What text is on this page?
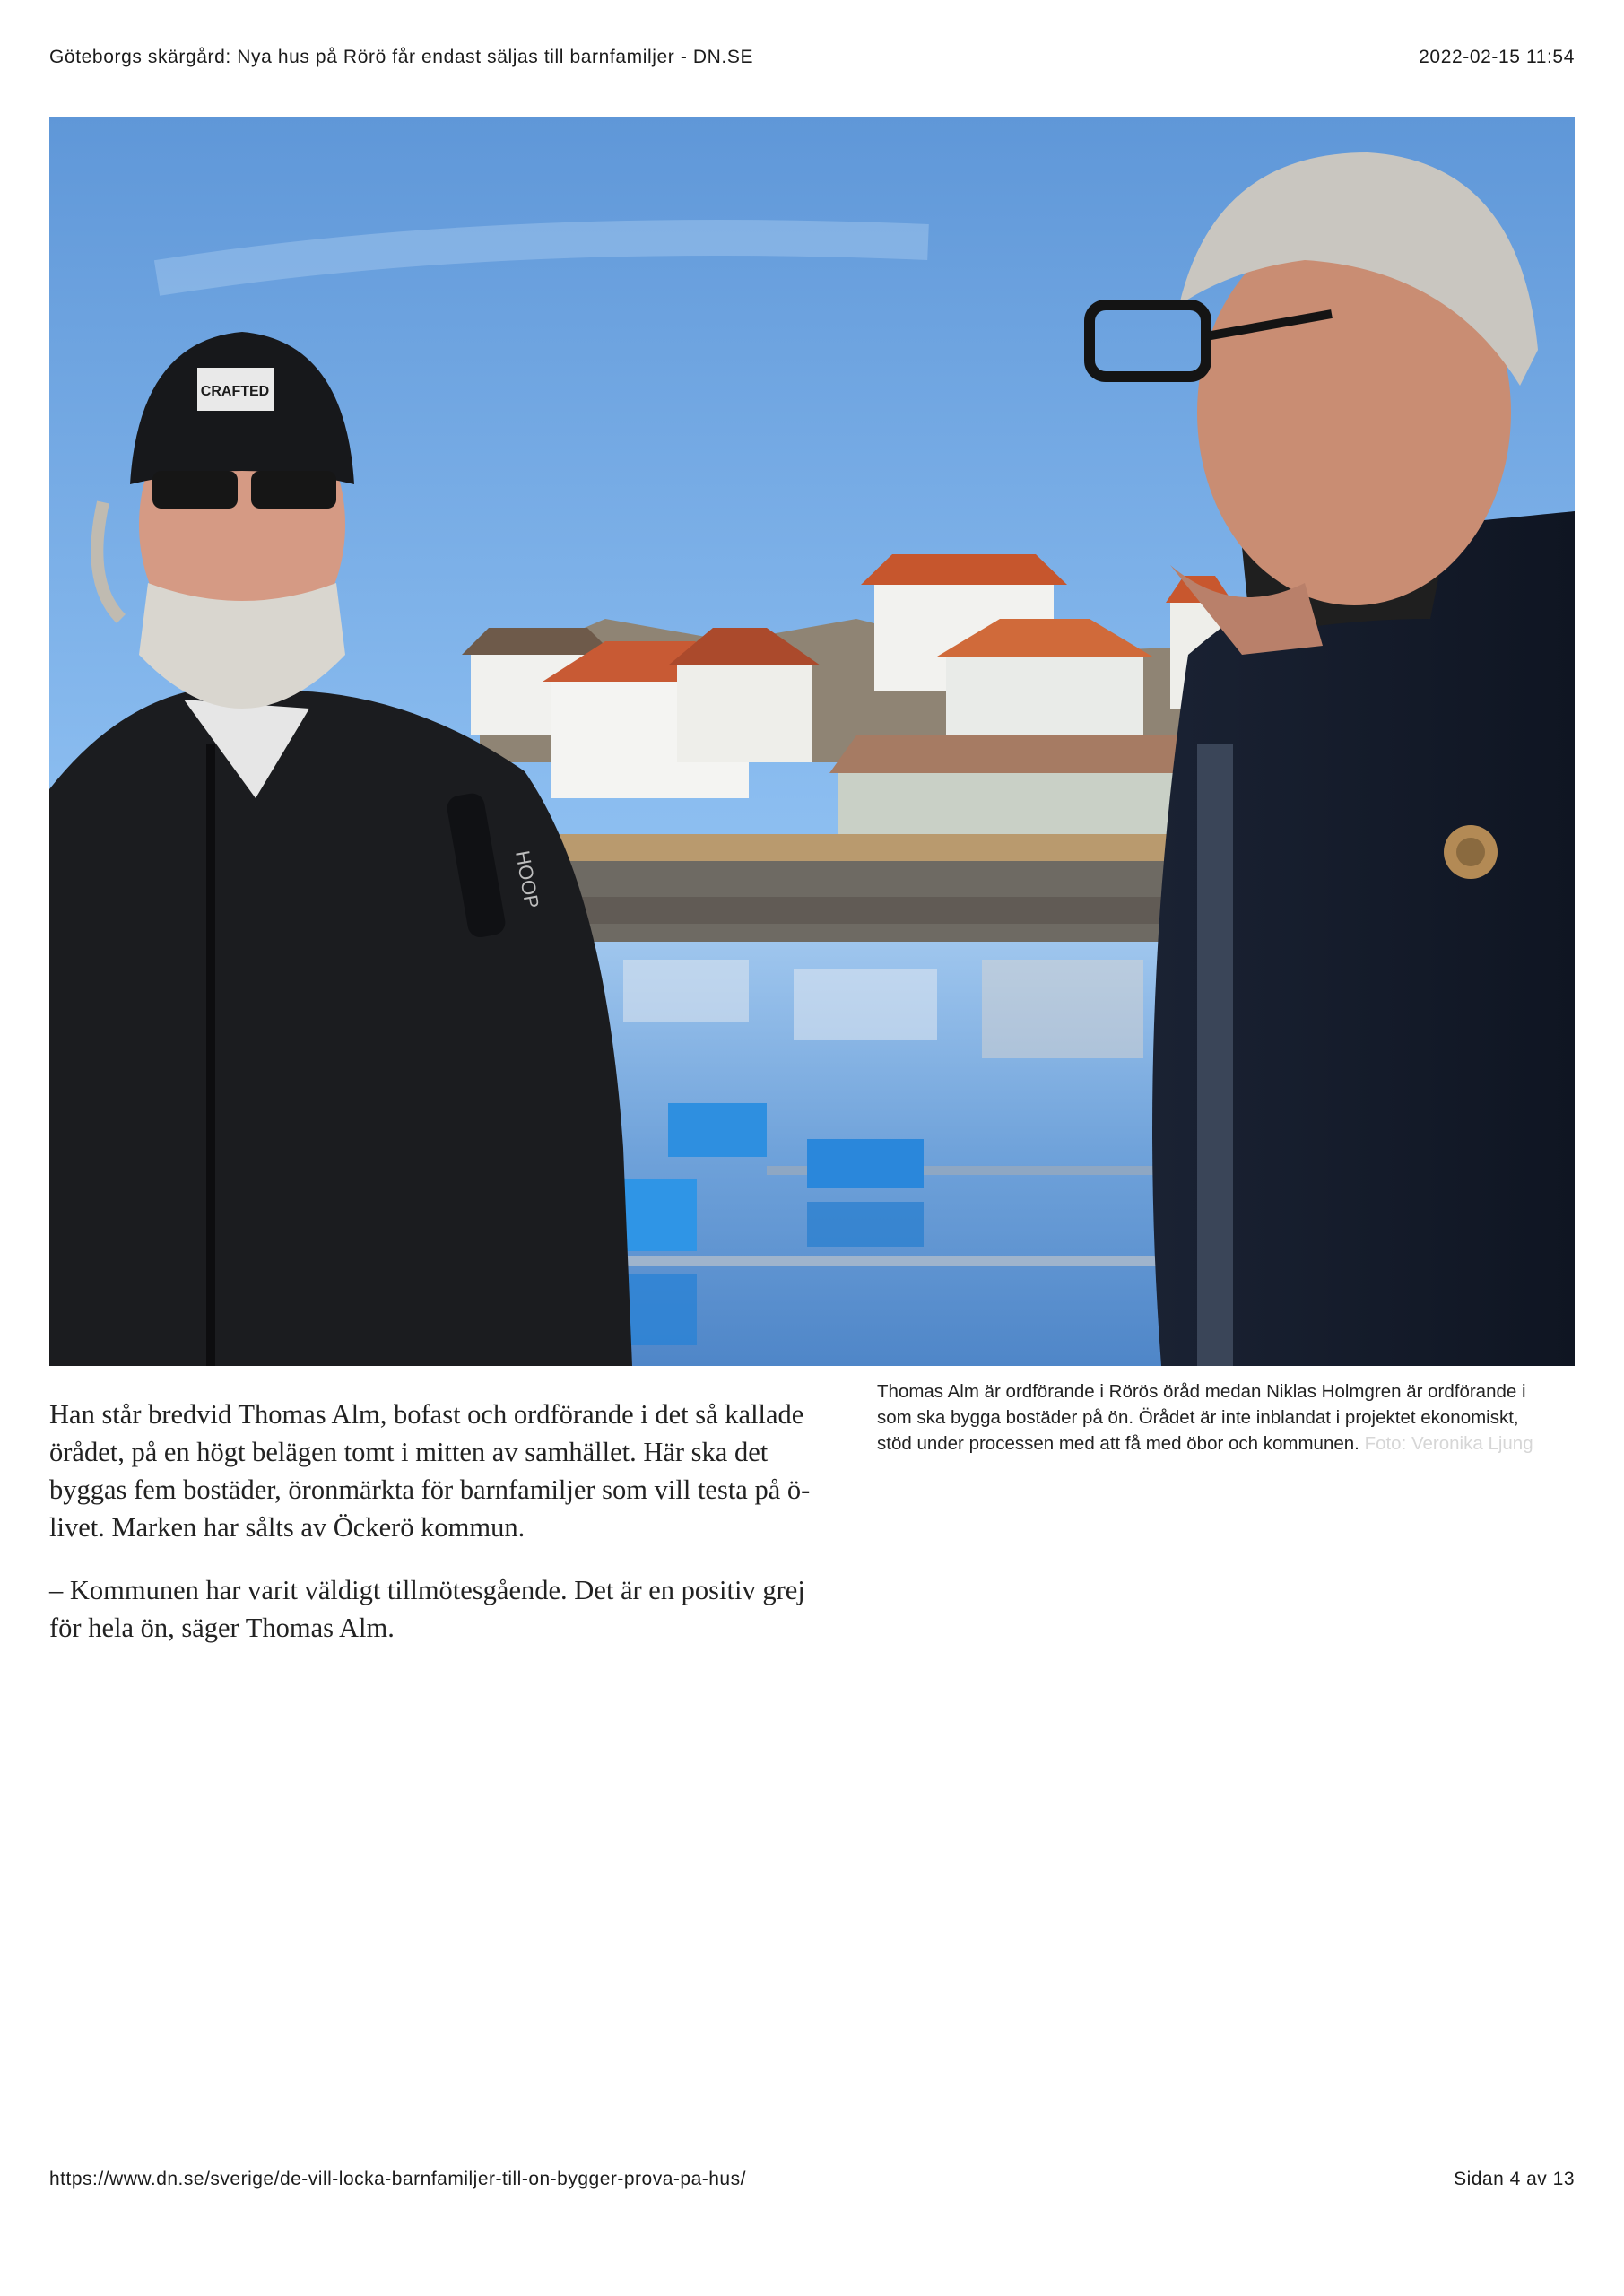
Göteborgs skärgård: Nya hus på Rörö får endast säljas till barnfamiljer - DN.SE	2022-02-15 11:54
HOOP
CRAFTED
Thomas Alm är ordförande i Rörös öråd medan Niklas Holmgren är ordförande i
som ska bygga bostäder på ön. Örådet är inte inblandat i projektet ekonomiskt,
stöd under processen med att få med öbor och kommunen. Foto: Veronika Ljung

Han står bredvid Thomas Alm, bofast och ordförande i det så kallade örådet, på en högt belägen tomt i mitten av samhället. Här ska det byggas fem bostäder, öronmärkta för barnfamiljer som vill testa på ö-livet. Marken har sålts av Öckerö kommun.

– Kommunen har varit väldigt tillmötesgående. Det är en positiv grej för hela ön, säger Thomas Alm.

https://www.dn.se/sverige/de-vill-locka-barnfamiljer-till-on-bygger-prova-pa-hus/	Sidan 4 av 13
